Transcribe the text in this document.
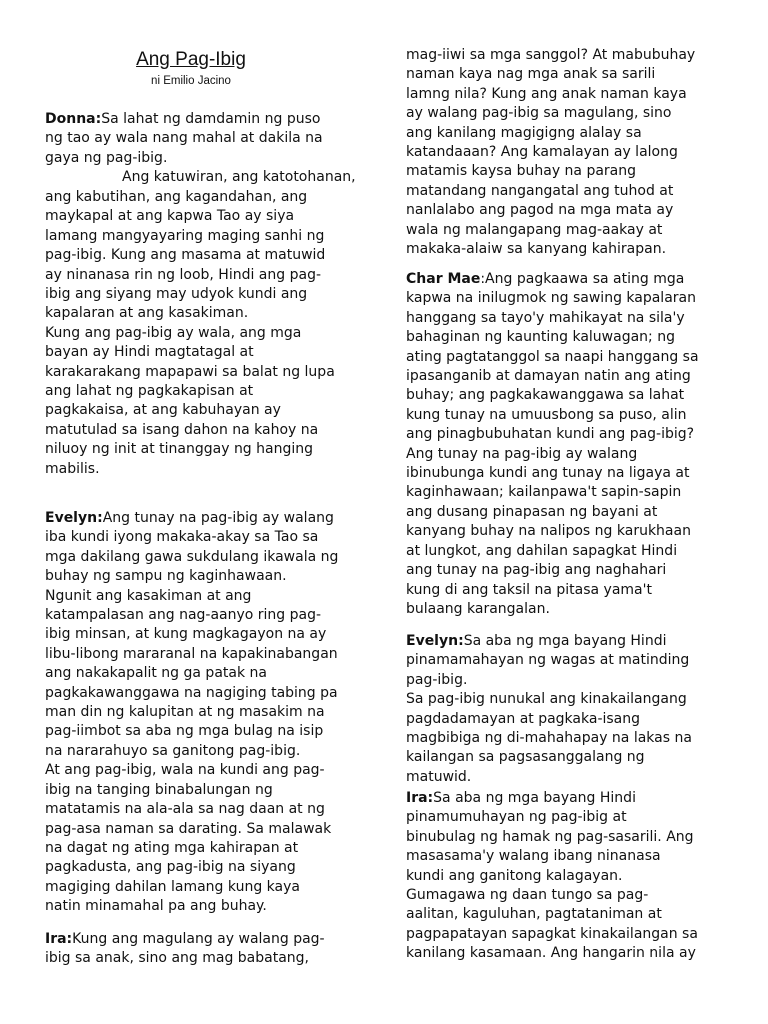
Ang Pag-Ibig
ni Emilio Jacino
Donna:Sa lahat ng damdamin ng puso
ng tao ay wala nang mahal at dakila na
gaya ng pag-ibig.
Ang katuwiran, ang katotohanan,
ang kabutihan, ang kagandahan, ang
maykapal at ang kapwa Tao ay siya
lamang mangyayaring maging sanhi ng
pag-ibig. Kung ang masama at matuwid
ay ninanasa rin ng loob, Hindi ang pag-
ibig ang siyang may udyok kundi ang
kapalaran at ang kasakiman.
Kung ang pag-ibig ay wala, ang mga
bayan ay Hindi magtatagal at
karakarakang mapapawi sa balat ng lupa
ang lahat ng pagkakapisan at
pagkakaisa, at ang kabuhayan ay
matutulad sa isang dahon na kahoy na
niluoy ng init at tinanggay ng hanging
mabilis.
Evelyn:Ang tunay na pag-ibig ay walang
iba kundi iyong makaka-akay sa Tao sa
mga dakilang gawa sukdulang ikawala ng
buhay ng sampu ng kaginhawaan.
Ngunit ang kasakiman at ang
katampalasan ang nag-aanyo ring pag-
ibig minsan, at kung magkagayon na ay
libu-libong mararanal na kapakinabangan
ang nakakapalit ng ga patak na
pagkakawanggawa na nagiging tabing pa
man din ng kalupitan at ng masakim na
pag-iimbot sa aba ng mga bulag na isip
na nararahuyo sa ganitong pag-ibig.
At ang pag-ibig, wala na kundi ang pag-
ibig na tanging binabalungan ng
matatamis na ala-ala sa nag daan at ng
pag-asa naman sa darating. Sa malawak
na dagat ng ating mga kahirapan at
pagkadusta, ang pag-ibig na siyang
magiging dahilan lamang kung kaya
natin minamahal pa ang buhay.
Ira:Kung ang magulang ay walang pag-
ibig sa anak, sino ang mag babatang,
mag-iiwi sa mga sanggol? At mabubuhay
naman kaya nag mga anak sa sarili
lamng nila? Kung ang anak naman kaya
ay walang pag-ibig sa magulang, sino
ang kanilang magigigng alalay sa
katandaaan? Ang kamalayan ay lalong
matamis kaysa buhay na parang
matandang nangangatal ang tuhod at
nanlalabo ang pagod na mga mata ay
wala ng malangapang mag-aakay at
makaka-alaiw sa kanyang kahirapan.
Char Mae:Ang pagkaawa sa ating mga
kapwa na inilugmok ng sawing kapalaran
hanggang sa tayo'y mahikayat na sila'y
bahaginan ng kaunting kaluwagan; ng
ating pagtatanggol sa naapi hanggang sa
ipasanganib at damayan natin ang ating
buhay; ang pagkakawanggawa sa lahat
kung tunay na umuusbong sa puso, alin
ang pinagbubuhatan kundi ang pag-ibig?
Ang tunay na pag-ibig ay walang
ibinubunga kundi ang tunay na ligaya at
kaginhawaan; kailanpawa't sapin-sapin
ang dusang pinapasan ng bayani at
kanyang buhay na nalipos ng karukhaan
at lungkot, ang dahilan sapagkat Hindi
ang tunay na pag-ibig ang naghahari
kung di ang taksil na pitasa yama't
bulaang karangalan.
Evelyn:Sa aba ng mga bayang Hindi
pinamamahayan ng wagas at matinding
pag-ibig.
Sa pag-ibig nunukal ang kinakailangang
pagdadamayan at pagkaka-isang
magbibiga ng di-mahahapay na lakas na
kailangan sa pagsasanggalang ng
matuwid.
Ira:Sa aba ng mga bayang Hindi
pinamumuhayan ng pag-ibig at
binubulag ng hamak ng pag-sasarili. Ang
masasama'y walang ibang ninanasa
kundi ang ganitong kalagayan.
Gumagawa ng daan tungo sa pag-
aalitan, kaguluhan, pagtataniman at
pagpapatayan sapagkat kinakailangan sa
kanilang kasamaan. Ang hangarin nila ay
